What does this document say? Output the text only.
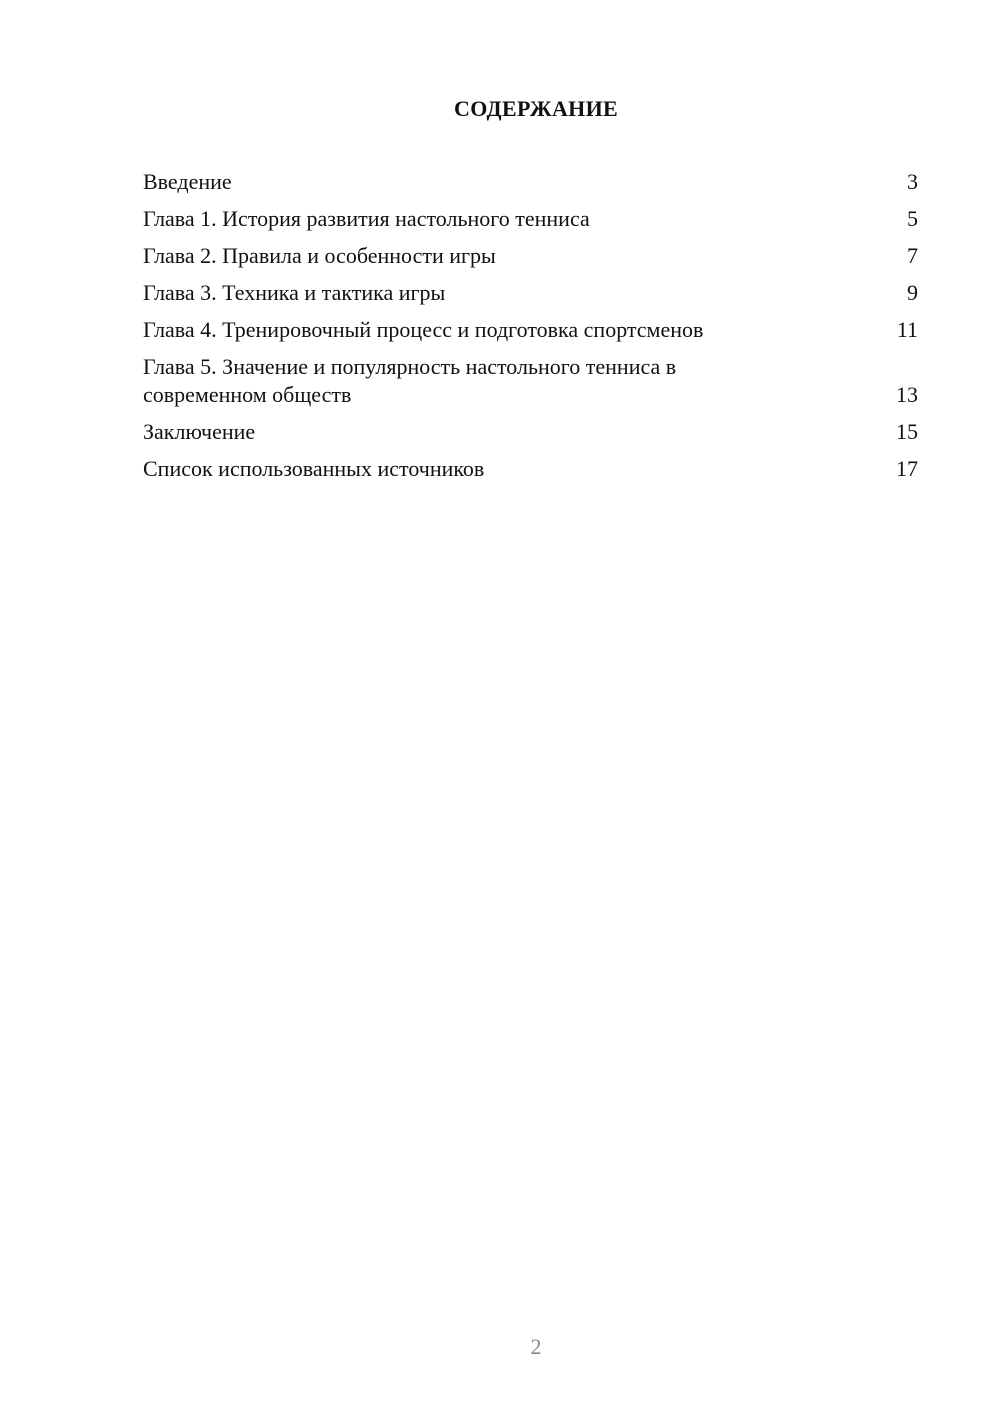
СОДЕРЖАНИЕ
Введение	3
Глава 1. История развития настольного тенниса	5
Глава 2. Правила и особенности игры	7
Глава 3. Техника и тактика игры	9
Глава 4. Тренировочный процесс и подготовка спортсменов	11
Глава 5. Значение и популярность настольного тенниса в современном обществ	13
Заключение	15
Список использованных источников	17
2
